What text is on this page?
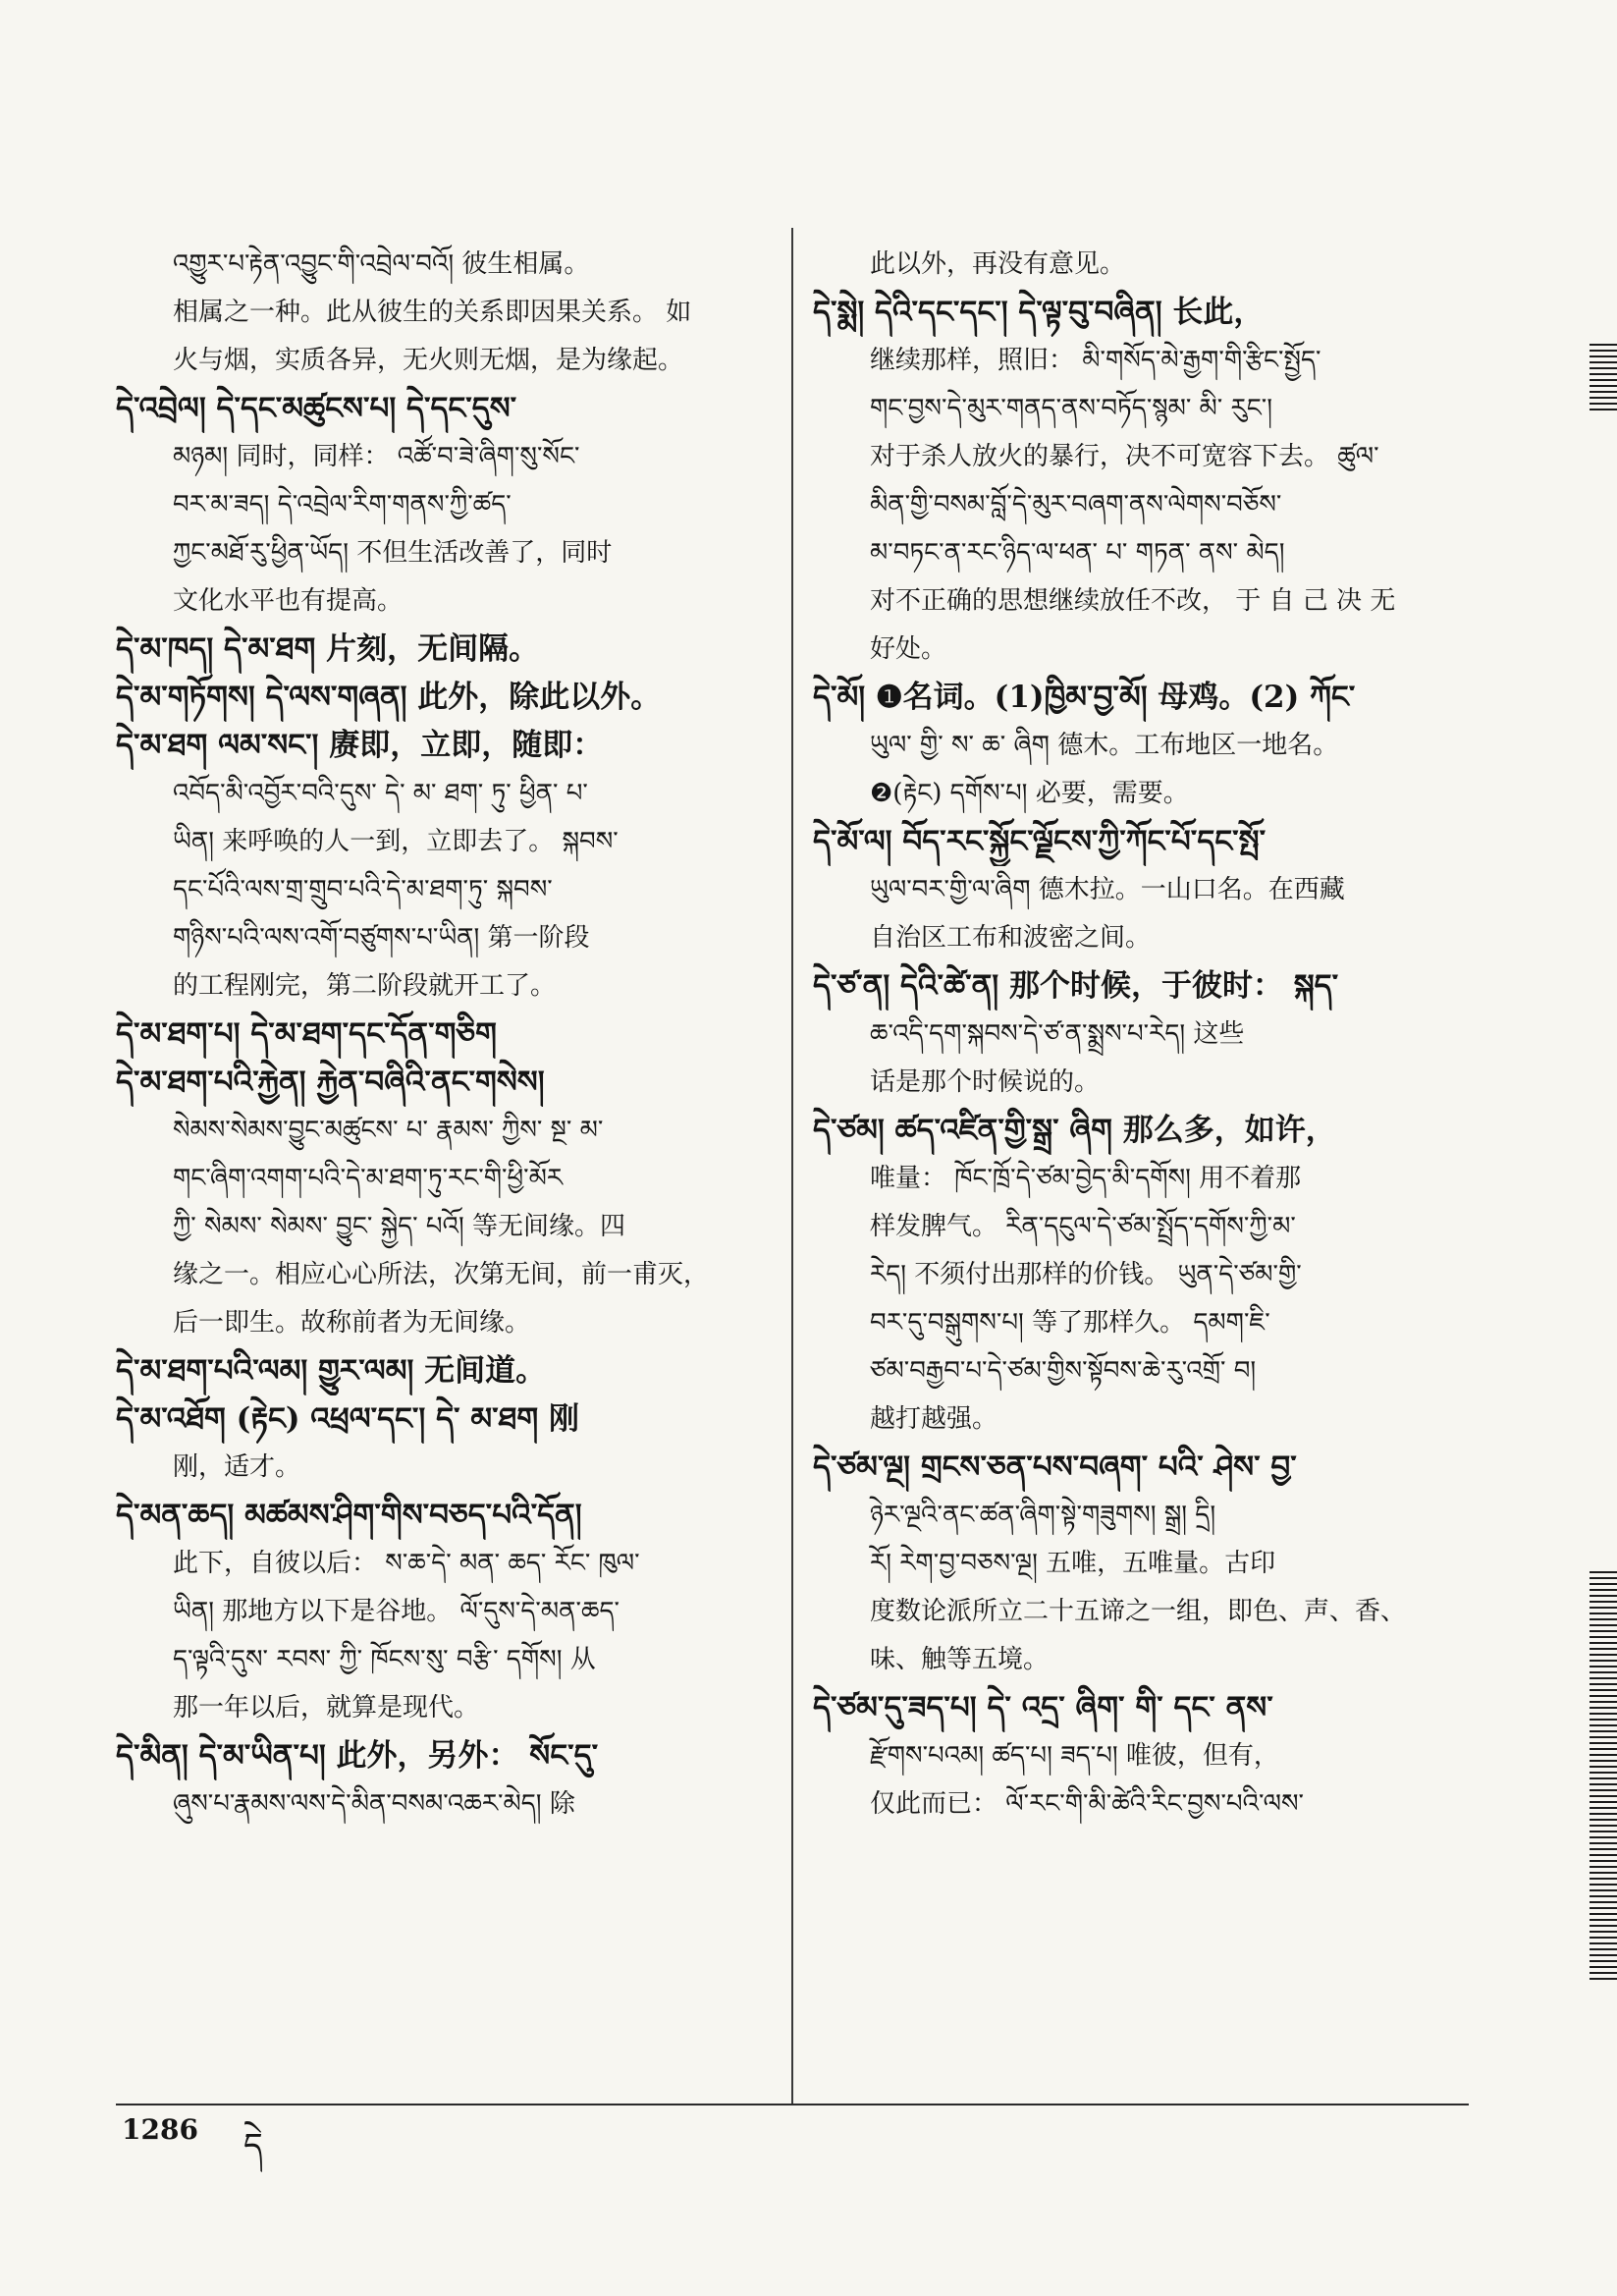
འགྱུར་པ་རྟེན་འབྱུང་གི་འབྲེལ་བའོ། 彼生相属。
相属之一种。此从彼生的关系即因果关系。 如
火与烟，实质各异，无火则无烟，是为缘起。
དེ་འབྲེལ། དེ་དང་མཚུངས་པ། དེ་དང་དུས་
མཉམ། 同时，同样： འཚོ་བ་ཟེ་ཞིག་སུ་སོང་
བར་མ་ཟད། དེ་འབྲེལ་རིག་གནས་ཀྱི་ཚད་
ཀྱང་མཐོ་རུ་ཕྱིན་ཡོད། 不但生活改善了，同时
文化水平也有提高。
དེ་མ་ཁད། དེ་མ་ཐག 片刻，无间隔。
དེ་མ་གཏོགས། དེ་ལས་གཞན། 此外，除此以外。
དེ་མ་ཐག ལམ་སང་། 赓即，立即，随即：
འབོད་མི་འབྱོར་བའི་དུས་ དེ་ མ་ ཐག་ ཏུ་ ཕྱིན་ པ་
ཡིན། 来呼唤的人一到，立即去了。 སྐབས་
དང་པོའི་ལས་གྲ་གྲུབ་པའི་དེ་མ་ཐག་ཏུ་ སྐབས་
གཉིས་པའི་ལས་འགོ་བཙུགས་པ་ཡིན། 第一阶段
的工程刚完，第二阶段就开工了。
དེ་མ་ཐག་པ། དེ་མ་ཐག་དང་དོན་གཅིག
དེ་མ་ཐག་པའི་རྐྱེན། རྐྱེན་བཞིའི་ནང་གསེས།
སེམས་སེམས་བྱུང་མཚུངས་ པ་ རྣམས་ ཀྱིས་ སྔ་ མ་
གང་ཞིག་འགག་པའི་དེ་མ་ཐག་ཏུ་རང་གི་ཕྱི་མོར
ཀྱི་ སེམས་ སེམས་ བྱུང་ སྐྱེད་ པའོ། 等无间缘。四
缘之一。相应心心所法，次第无间，前一甫灭，
后一即生。故称前者为无间缘。
དེ་མ་ཐག་པའི་ལམ། གྱུར་ལམ། 无间道。
དེ་མ་འཐོག (རྟེང) འཕྲལ་དང་། དེ་ མ་ཐག 刚
刚，适才。
དེ་མན་ཆད། མཚམས་ཤིག་གིས་བཅད་པའི་དོན།
此下，自彼以后： ས་ཆ་དེ་ མན་ ཆད་ རོང་ ཁུལ་
ཡིན། 那地方以下是谷地。 ལོ་དུས་དེ་མན་ཆད་
ད་ལྟའི་དུས་ རབས་ ཀྱི་ ཁོངས་སུ་ བརྩི་ དགོས། 从
那一年以后，就算是现代。
དེ་མིན། དེ་མ་ཡིན་པ། 此外，另外： སོང་དུ་
ཞུས་པ་རྣམས་ལས་དེ་མིན་བསམ་འཆར་མེད། 除
此以外，再没有意见。
དེ་སྨེ། དེའི་དང་དང་། དེ་ལྟ་བུ་བཞིན། 长此，
继续那样，照旧： མི་གསོད་མེ་རྒྱག་གི་རྩིང་སྤྱོད་
གང་བྱས་དེ་མུར་གནད་ནས་བཏོད་སྙམ་ མི་ རུང་།
对于杀人放火的暴行，决不可宽容下去。 ཚུལ་
མིན་གྱི་བསམ་བློ་དེ་མུར་བཞག་ནས་ལེགས་བཅོས་
མ་བཏང་ན་རང་ཉིད་ལ་ཕན་ པ་ གཏན་ ནས་ མེད།
对不正确的思想继续放任不改， 于 自 己 决 无
好处。
དེ་མོ། ❶名词。(1)ཁྱིམ་བྱ་མོ། 母鸡。(2) ཀོང་
ཡུལ་ གྱི་ ས་ ཆ་ ཞིག 德木。工布地区一地名。
❷(རྟེང) དགོས་པ། 必要，需要。
དེ་མོ་ལ། བོད་རང་སྐྱོང་ལྗོངས་ཀྱི་ཀོང་པོ་དང་སྤོ་
ཡུལ་བར་གྱི་ལ་ཞིག 德木拉。一山口名。在西藏
自治区工布和波密之间。
དེ་ཙ་ན། དེའི་ཚེ་ན། 那个时候，于彼时： སྐད་
ཆ་འདི་དག་སྐབས་དེ་ཙ་ན་སྨྲས་པ་རེད། 这些
话是那个时候说的。
དེ་ཙམ། ཚད་འཛིན་གྱི་སྒྲ་ ཞིག 那么多，如许，
唯量： ཁོང་ཁྲོ་དེ་ཙམ་བྱེད་མི་དགོས། 用不着那
样发脾气。 རིན་དངུལ་དེ་ཙམ་སྤྲོད་དགོས་ཀྱི་མ་
རེད། 不须付出那样的价钱。 ཡུན་དེ་ཙམ་གྱི་
བར་དུ་བསྒུགས་པ། 等了那样久。 དམག་ཇི་
ཙམ་བརྒྱབ་པ་དེ་ཙམ་གྱིས་སྟོབས་ཆེ་རུ་འགྲོ་ བ།
越打越强。
དེ་ཙམ་ལྔ། གྲངས་ཅན་པས་བཞག་ པའི་ ཤེས་ བྱ་
ཉེར་ལྔའི་ནང་ཚན་ཞིག་སྟེ་གཟུགས། སྒྲ། དྲི།
རོ། རེག་བྱ་བཅས་ལྔ། 五唯，五唯量。古印
度数论派所立二十五谛之一组，即色、声、香、
味、触等五境。
དེ་ཙམ་དུ་ཟད་པ། དེ་ འདྲ་ ཞིག་ གི་ དང་ ནས་
རྫོགས་པའམ། ཚད་པ། ཟད་པ། 唯彼，但有，
仅此而已： ལོ་རང་གི་མི་ཚེའི་རིང་བྱས་པའི་ལས་
1286 དེ
